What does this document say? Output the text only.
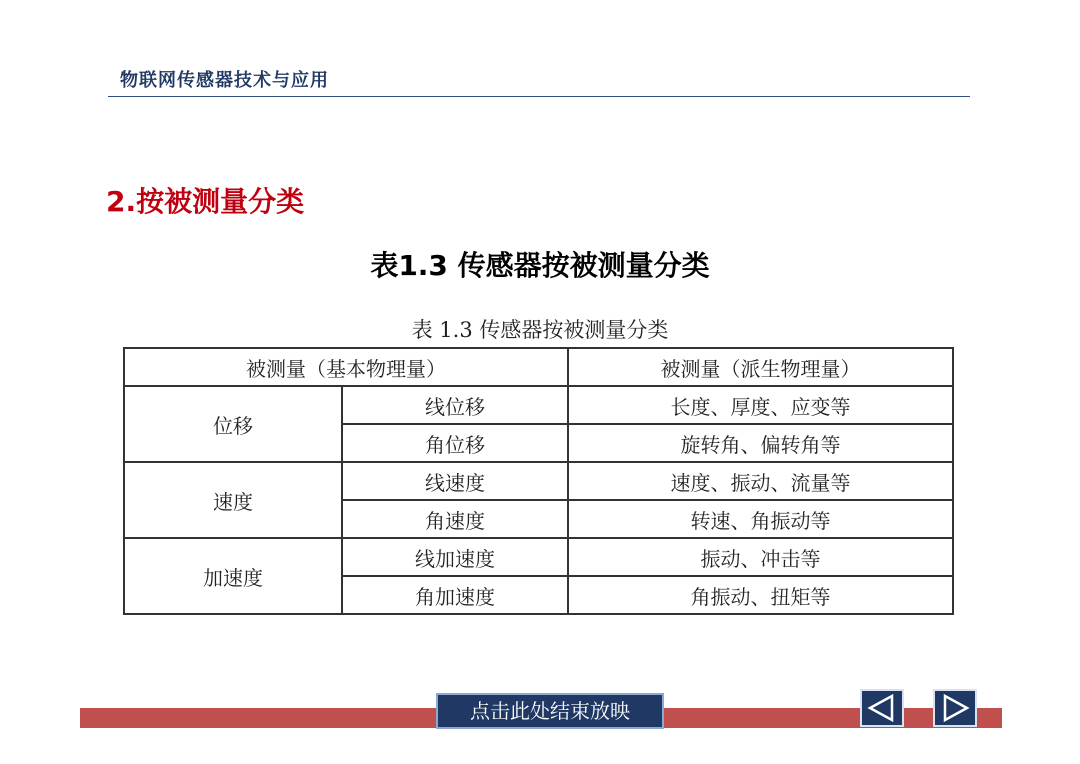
物联网传感器技术与应用
2.按被测量分类
表1.3 传感器按被测量分类
表 1.3 传感器按被测量分类
被测量（基本物理量）		被测量（派生物理量）
位移	线位移	长度、厚度、应变等
	角位移	旋转角、偏转角等
速度	线速度	速度、振动、流量等
	角速度	转速、角振动等
加速度	线加速度	振动、冲击等
	角加速度	角振动、扭矩等
点击此处结束放映
